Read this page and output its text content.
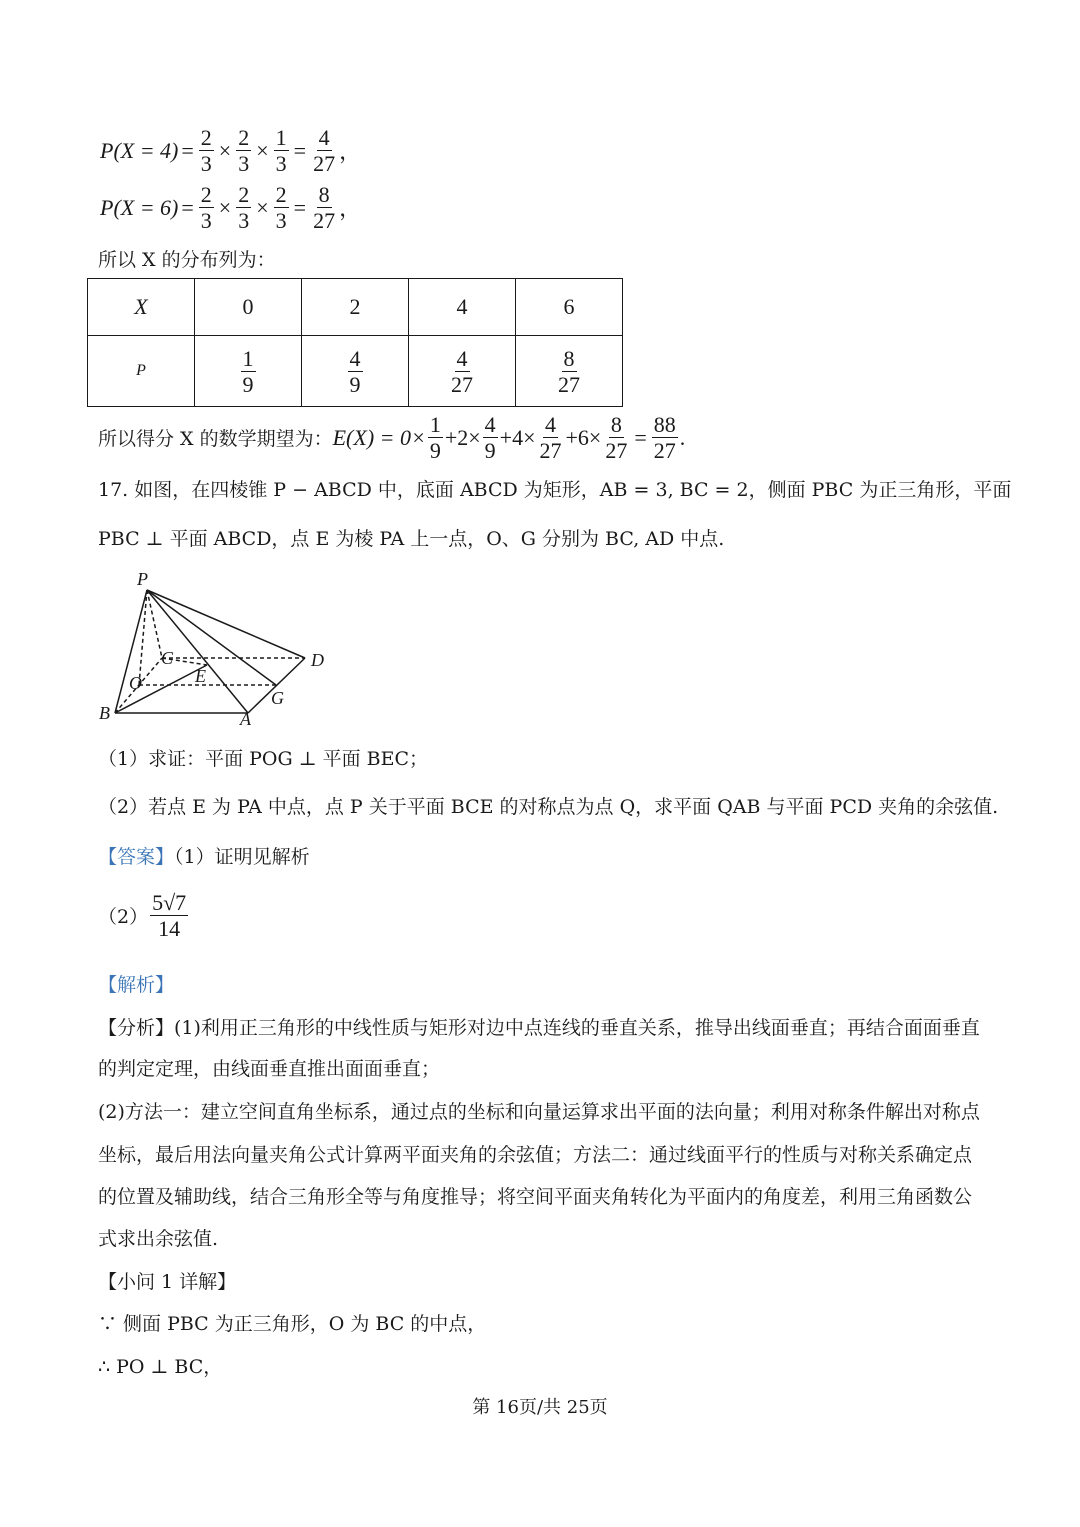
$P(X = 4) = \frac{2}{3} \times \frac{2}{3} \times \frac{1}{3} = \frac{4}{27}$ ，
$P(X = 6) = \frac{2}{3} \times \frac{2}{3} \times \frac{2}{3} = \frac{8}{27}$ ，
所以 X 的分布列为：
X	0	2	4	6
P	$\frac{1}{9}$	$\frac{4}{9}$	$\frac{4}{27}$	$\frac{8}{27}$
所以得分 X 的数学期望为： $E(X) = 0\times \frac{1}{9} +2\times \frac{4}{9} +4\times \frac{4}{27} +6\times \frac{8}{27} = \frac{88}{27}$ .
17. 如图，在四棱锥 P − ABCD 中，底面 ABCD 为矩形，AB = 3, BC = 2，侧面 PBC 为正三角形，平面
PBC ⊥ 平面 ABCD，点 E 为棱 PA 上一点，O、G 分别为 BC, AD 中点.
P
C	D
O	E
G
B	A
（1）求证：平面 POG ⊥ 平面 BEC；
（2）若点 E 为 PA 中点，点 P 关于平面 BCE 的对称点为点 Q，求平面 QAB 与平面 PCD 夹角的余弦值.
【答案】（1）证明见解析
$(2) \frac{5√7}{14}$
【解析】
【分析】(1)利用正三角形的中线性质与矩形对边中点连线的垂直关系，推导出线面垂直；再结合面面垂直
的判定定理，由线面垂直推出面面垂直；
(2)方法一：建立空间直角坐标系，通过点的坐标和向量运算求出平面的法向量；利用对称条件解出对称点
坐标，最后用法向量夹角公式计算两平面夹角的余弦值；方法二：通过线面平行的性质与对称关系确定点
的位置及辅助线，结合三角形全等与角度推导；将空间平面夹角转化为平面内的角度差，利用三角函数公
式求出余弦值.
【小问 1 详解】
∵ 侧面 PBC 为正三角形，O 为 BC 的中点，
∴ PO ⊥ BC，
第 16页/共 25页
